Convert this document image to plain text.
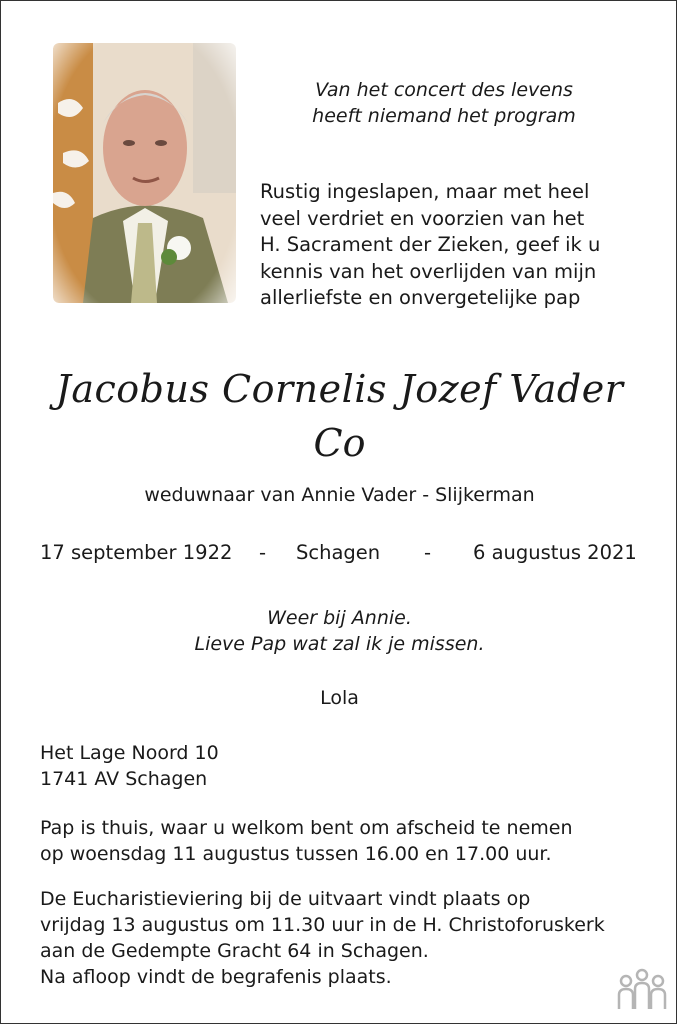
Van het concert des levens
heeft niemand het program
Rustig ingeslapen, maar met heel
veel verdriet en voorzien van het
H. Sacrament der Zieken, geef ik u
kennis van het overlijden van mijn
allerliefste en onvergetelijke pap
Jacobus Cornelis Jozef Vader
Co
weduwnaar van Annie Vader - Slijkerman
17 september 1922 - Schagen - 6 augustus 2021
Weer bij Annie.
Lieve Pap wat zal ik je missen.
Lola
Het Lage Noord 10
1741 AV Schagen
Pap is thuis, waar u welkom bent om afscheid te nemen
op woensdag 11 augustus tussen 16.00 en 17.00 uur.
De Eucharistieviering bij de uitvaart vindt plaats op
vrijdag 13 augustus om 11.30 uur in de H. Christoforuskerk
aan de Gedempte Gracht 64 in Schagen.
Na afloop vindt de begrafenis plaats.
